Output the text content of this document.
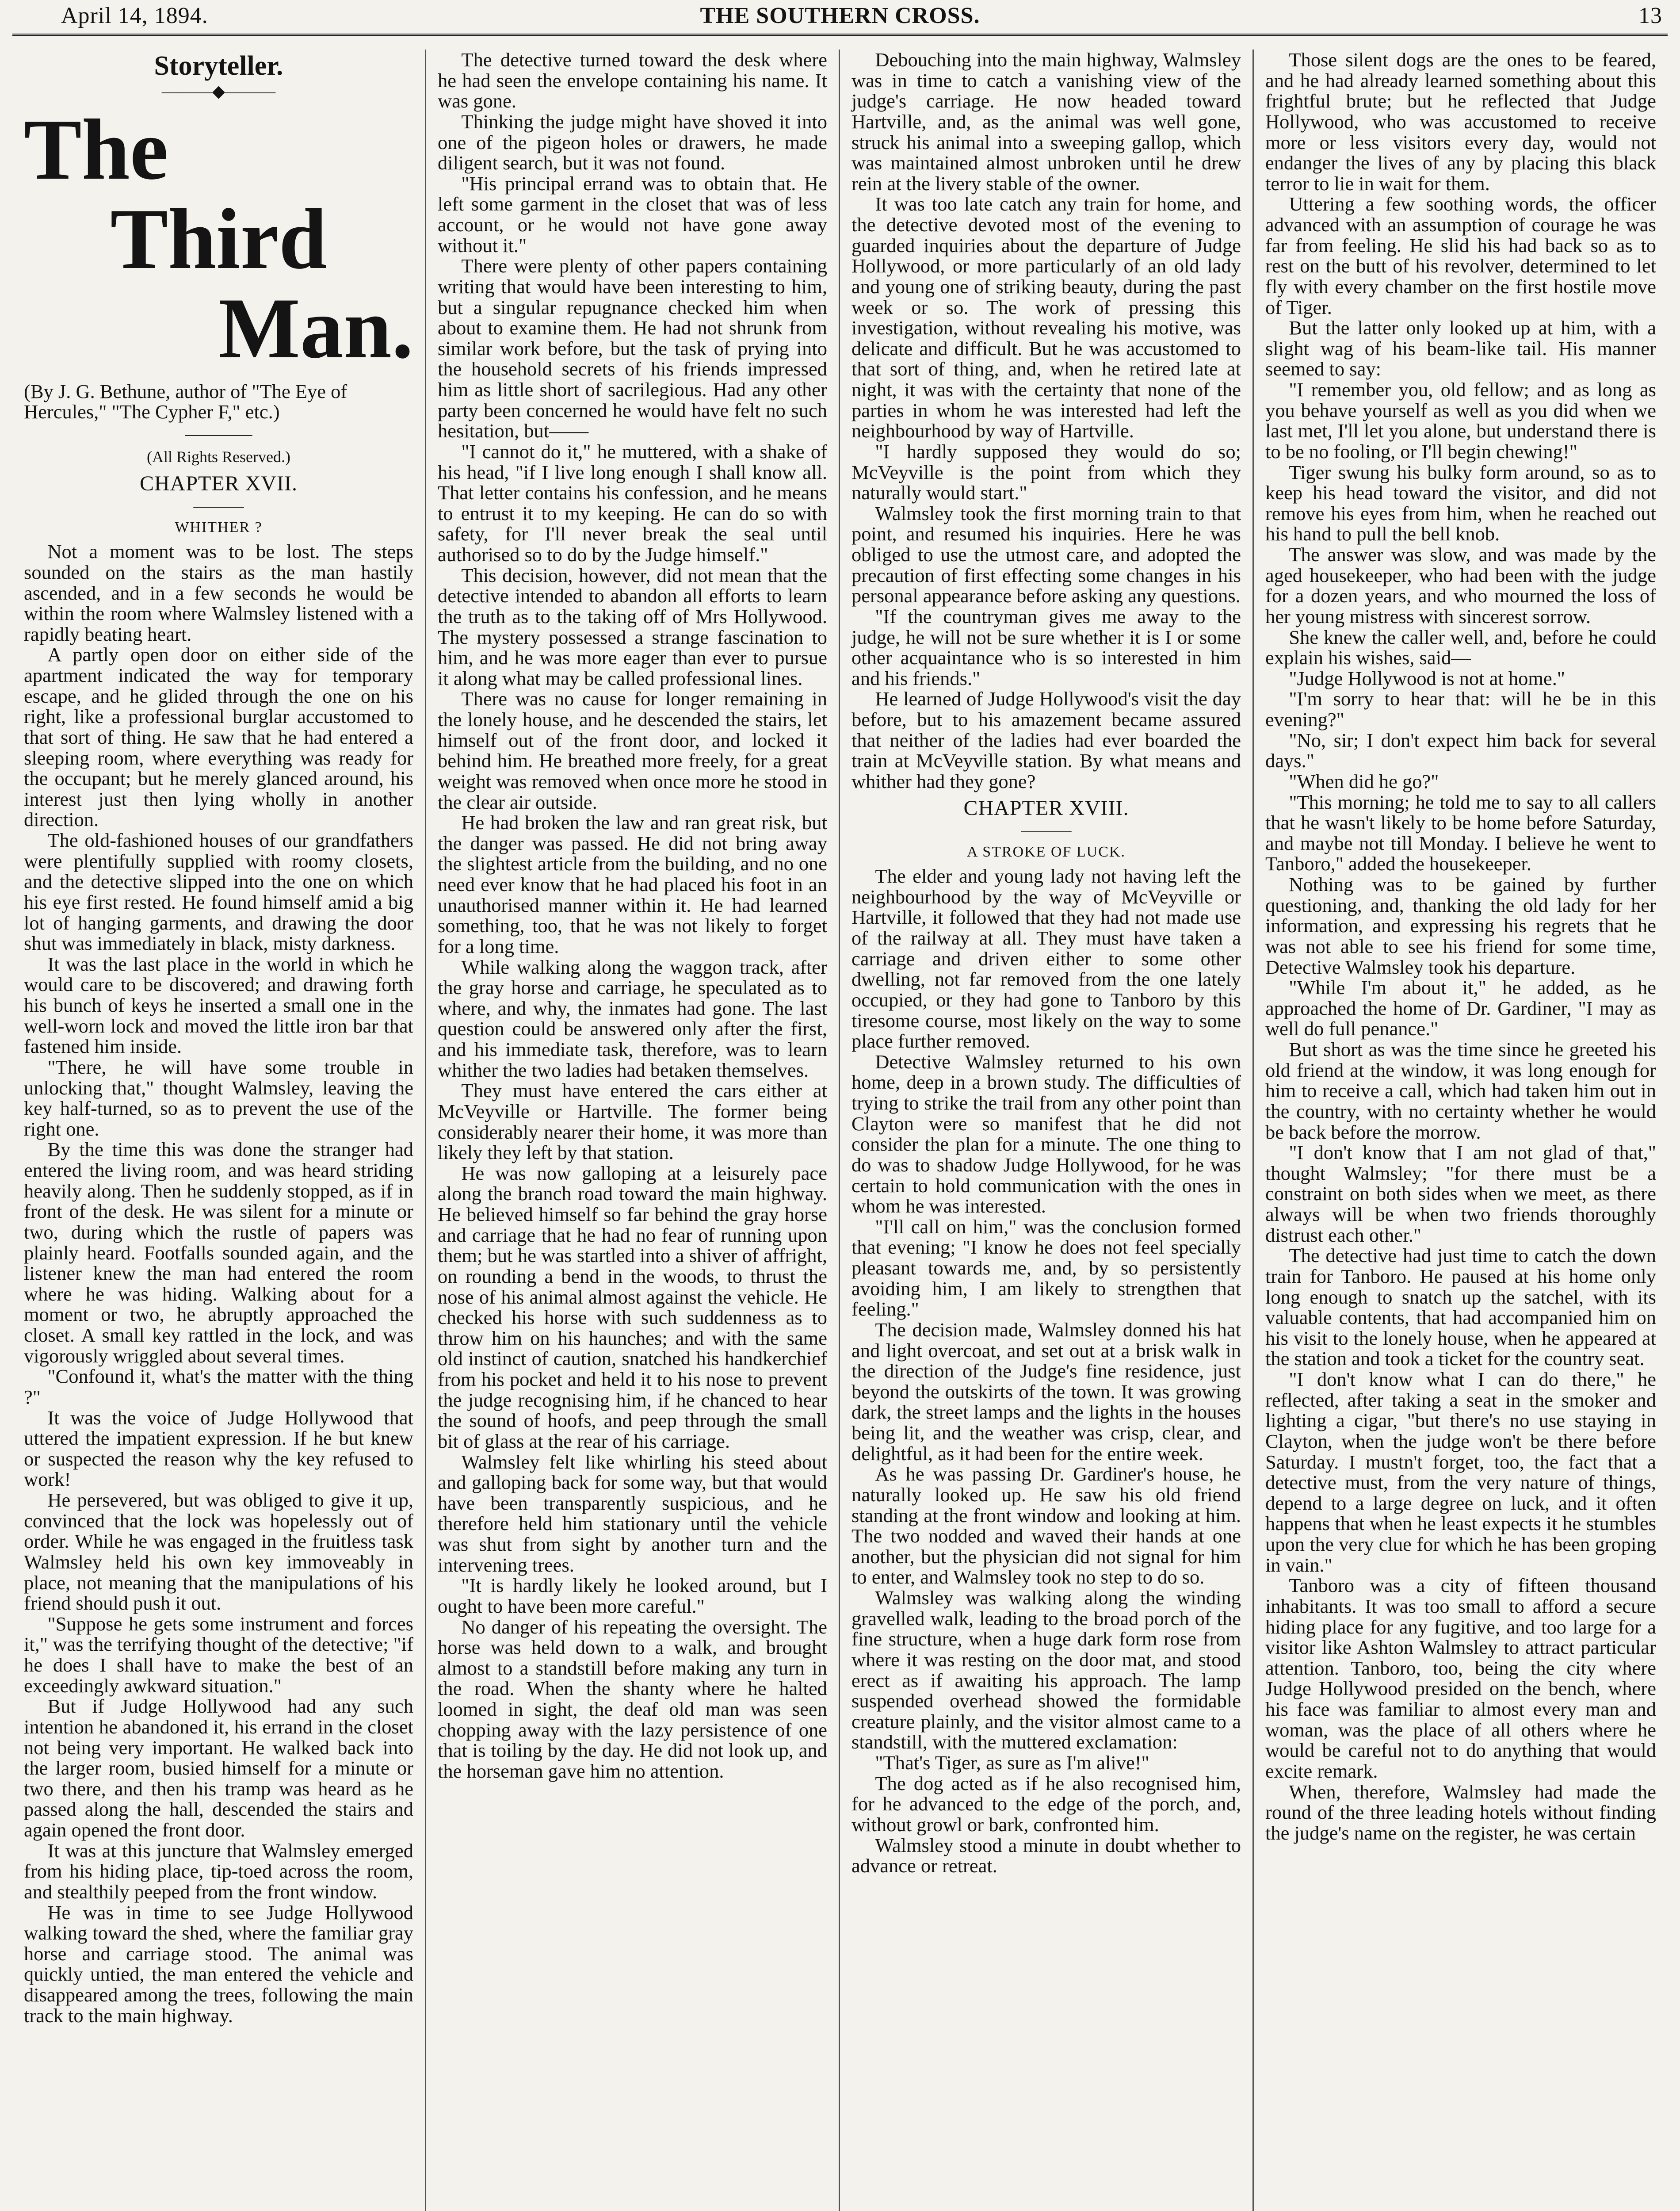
April 14, 1894.	THE SOUTHERN CROSS.	13
Storyteller.
———◆———
The
Third
Man.
(By J. G. Bethune, author of "The Eye of Hercules," "The Cypher F," etc.)
————
(All Rights Reserved.)
CHAPTER XVII.
———
WHITHER ?

Not a moment was to be lost. The steps sounded on the stairs as the man hastily ascended, and in a few seconds he would be within the room where Walmsley listened with a rapidly beating heart.

A partly open door on either side of the apartment indicated the way for temporary escape, and he glided through the one on his right, like a professional burglar accustomed to that sort of thing. He saw that he had entered a sleeping room, where everything was ready for the occupant; but he merely glanced around, his interest just then lying wholly in another direction.

The old-fashioned houses of our grandfathers were plentifully supplied with roomy closets, and the detective slipped into the one on which his eye first rested. He found himself amid a big lot of hanging garments, and drawing the door shut was immediately in black, misty darkness.

It was the last place in the world in which he would care to be discovered; and drawing forth his bunch of keys he inserted a small one in the well-worn lock and moved the little iron bar that fastened him inside.

"There, he will have some trouble in unlocking that," thought Walmsley, leaving the key half-turned, so as to prevent the use of the right one.

By the time this was done the stranger had entered the living room, and was heard striding heavily along. Then he suddenly stopped, as if in front of the desk. He was silent for a minute or two, during which the rustle of papers was plainly heard. Footfalls sounded again, and the listener knew the man had entered the room where he was hiding. Walking about for a moment or two, he abruptly approached the closet. A small key rattled in the lock, and was vigorously wriggled about several times.

"Confound it, what's the matter with the thing ?"

It was the voice of Judge Hollywood that uttered the impatient expression. If he but knew or suspected the reason why the key refused to work!

He persevered, but was obliged to give it up, convinced that the lock was hopelessly out of order. While he was engaged in the fruitless task Walmsley held his own key immoveably in place, not meaning that the manipulations of his friend should push it out.

"Suppose he gets some instrument and forces it," was the terrifying thought of the detective; "if he does I shall have to make the best of an exceedingly awkward situation."

But if Judge Hollywood had any such intention he abandoned it, his errand in the closet not being very important. He walked back into the larger room, busied himself for a minute or two there, and then his tramp was heard as he passed along the hall, descended the stairs and again opened the front door.

It was at this juncture that Walmsley emerged from his hiding place, tip-toed across the room, and stealthily peeped from the front window.

He was in time to see Judge Hollywood walking toward the shed, where the familiar gray horse and carriage stood. The animal was quickly untied, the man entered the vehicle and disappeared among the trees, following the main track to the main highway.

The detective turned toward the desk where he had seen the envelope containing his name. It was gone.

Thinking the judge might have shoved it into one of the pigeon holes or drawers, he made diligent search, but it was not found.

"His principal errand was to obtain that. He left some garment in the closet that was of less account, or he would not have gone away without it."

There were plenty of other papers containing writing that would have been interesting to him, but a singular repugnance checked him when about to examine them. He had not shrunk from similar work before, but the task of prying into the household secrets of his friends impressed him as little short of sacrilegious. Had any other party been concerned he would have felt no such hesitation, but——

"I cannot do it," he muttered, with a shake of his head, "if I live long enough I shall know all. That letter contains his confession, and he means to entrust it to my keeping. He can do so with safety, for I'll never break the seal until authorised so to do by the Judge himself."

This decision, however, did not mean that the detective intended to abandon all efforts to learn the truth as to the taking off of Mrs Hollywood. The mystery possessed a strange fascination to him, and he was more eager than ever to pursue it along what may be called professional lines.

There was no cause for longer remaining in the lonely house, and he descended the stairs, let himself out of the front door, and locked it behind him. He breathed more freely, for a great weight was removed when once more he stood in the clear air outside.

He had broken the law and ran great risk, but the danger was passed. He did not bring away the slightest article from the building, and no one need ever know that he had placed his foot in an unauthorised manner within it. He had learned something, too, that he was not likely to forget for a long time.

While walking along the waggon track, after the gray horse and carriage, he speculated as to where, and why, the inmates had gone. The last question could be answered only after the first, and his immediate task, therefore, was to learn whither the two ladies had betaken themselves.

They must have entered the cars either at McVeyville or Hartville. The former being considerably nearer their home, it was more than likely they left by that station.

He was now galloping at a leisurely pace along the branch road toward the main highway. He believed himself so far behind the gray horse and carriage that he had no fear of running upon them; but he was startled into a shiver of affright, on rounding a bend in the woods, to thrust the nose of his animal almost against the vehicle. He checked his horse with such suddenness as to throw him on his haunches; and with the same old instinct of caution, snatched his handkerchief from his pocket and held it to his nose to prevent the judge recognising him, if he chanced to hear the sound of hoofs, and peep through the small bit of glass at the rear of his carriage.

Walmsley felt like whirling his steed about and galloping back for some way, but that would have been transparently suspicious, and he therefore held him stationary until the vehicle was shut from sight by another turn and the intervening trees.

"It is hardly likely he looked around, but I ought to have been more careful."

No danger of his repeating the oversight. The horse was held down to a walk, and brought almost to a standstill before making any turn in the road. When the shanty where he halted loomed in sight, the deaf old man was seen chopping away with the lazy persistence of one that is toiling by the day. He did not look up, and the horseman gave him no attention.

Debouching into the main highway, Walmsley was in time to catch a vanishing view of the judge's carriage. He now headed toward Hartville, and, as the animal was well gone, struck his animal into a sweeping gallop, which was maintained almost unbroken until he drew rein at the livery stable of the owner.

It was too late catch any train for home, and the detective devoted most of the evening to guarded inquiries about the departure of Judge Hollywood, or more particularly of an old lady and young one of striking beauty, during the past week or so. The work of pressing this investigation, without revealing his motive, was delicate and difficult. But he was accustomed to that sort of thing, and, when he retired late at night, it was with the certainty that none of the parties in whom he was interested had left the neighbourhood by way of Hartville.

"I hardly supposed they would do so; McVeyville is the point from which they naturally would start."

Walmsley took the first morning train to that point, and resumed his inquiries. Here he was obliged to use the utmost care, and adopted the precaution of first effecting some changes in his personal appearance before asking any questions.

"If the countryman gives me away to the judge, he will not be sure whether it is I or some other acquaintance who is so interested in him and his friends."

He learned of Judge Hollywood's visit the day before, but to his amazement became assured that neither of the ladies had ever boarded the train at McVeyville station. By what means and whither had they gone?

CHAPTER XVIII.
———
A STROKE OF LUCK.

The elder and young lady not having left the neighbourhood by the way of McVeyville or Hartville, it followed that they had not made use of the railway at all. They must have taken a carriage and driven either to some other dwelling, not far removed from the one lately occupied, or they had gone to Tanboro by this tiresome course, most likely on the way to some place further removed.

Detective Walmsley returned to his own home, deep in a brown study. The difficulties of trying to strike the trail from any other point than Clayton were so manifest that he did not consider the plan for a minute. The one thing to do was to shadow Judge Hollywood, for he was certain to hold communication with the ones in whom he was interested.

"I'll call on him," was the conclusion formed that evening; "I know he does not feel specially pleasant towards me, and, by so persistently avoiding him, I am likely to strengthen that feeling."

The decision made, Walmsley donned his hat and light overcoat, and set out at a brisk walk in the direction of the Judge's fine residence, just beyond the outskirts of the town. It was growing dark, the street lamps and the lights in the houses being lit, and the weather was crisp, clear, and delightful, as it had been for the entire week.

As he was passing Dr. Gardiner's house, he naturally looked up. He saw his old friend standing at the front window and looking at him. The two nodded and waved their hands at one another, but the physician did not signal for him to enter, and Walmsley took no step to do so.

Walmsley was walking along the winding gravelled walk, leading to the broad porch of the fine structure, when a huge dark form rose from where it was resting on the door mat, and stood erect as if awaiting his approach. The lamp suspended overhead showed the formidable creature plainly, and the visitor almost came to a standstill, with the muttered exclamation:

"That's Tiger, as sure as I'm alive!"

The dog acted as if he also recognised him, for he advanced to the edge of the porch, and, without growl or bark, confronted him.

Walmsley stood a minute in doubt whether to advance or retreat.

Those silent dogs are the ones to be feared, and he had already learned something about this frightful brute; but he reflected that Judge Hollywood, who was accustomed to receive more or less visitors every day, would not endanger the lives of any by placing this black terror to lie in wait for them.

Uttering a few soothing words, the officer advanced with an assumption of courage he was far from feeling. He slid his had back so as to rest on the butt of his revolver, determined to let fly with every chamber on the first hostile move of Tiger.

But the latter only looked up at him, with a slight wag of his beam-like tail. His manner seemed to say:

"I remember you, old fellow; and as long as you behave yourself as well as you did when we last met, I'll let you alone, but understand there is to be no fooling, or I'll begin chewing!"

Tiger swung his bulky form around, so as to keep his head toward the visitor, and did not remove his eyes from him, when he reached out his hand to pull the bell knob.

The answer was slow, and was made by the aged housekeeper, who had been with the judge for a dozen years, and who mourned the loss of her young mistress with sincerest sorrow.

She knew the caller well, and, before he could explain his wishes, said—

"Judge Hollywood is not at home."

"I'm sorry to hear that: will he be in this evening?"

"No, sir; I don't expect him back for several days."

"When did he go?"

"This morning; he told me to say to all callers that he wasn't likely to be home before Saturday, and maybe not till Monday. I believe he went to Tanboro," added the housekeeper.

Nothing was to be gained by further questioning, and, thanking the old lady for her information, and expressing his regrets that he was not able to see his friend for some time, Detective Walmsley took his departure.

"While I'm about it," he added, as he approached the home of Dr. Gardiner, "I may as well do full penance."

But short as was the time since he greeted his old friend at the window, it was long enough for him to receive a call, which had taken him out in the country, with no certainty whether he would be back before the morrow.

"I don't know that I am not glad of that," thought Walmsley; "for there must be a constraint on both sides when we meet, as there always will be when two friends thoroughly distrust each other."

The detective had just time to catch the down train for Tanboro. He paused at his home only long enough to snatch up the satchel, with its valuable contents, that had accompanied him on his visit to the lonely house, when he appeared at the station and took a ticket for the country seat.

"I don't know what I can do there," he reflected, after taking a seat in the smoker and lighting a cigar, "but there's no use staying in Clayton, when the judge won't be there before Saturday. I mustn't forget, too, the fact that a detective must, from the very nature of things, depend to a large degree on luck, and it often happens that when he least expects it he stumbles upon the very clue for which he has been groping in vain."

Tanboro was a city of fifteen thousand inhabitants. It was too small to afford a secure hiding place for any fugitive, and too large for a visitor like Ashton Walmsley to attract particular attention. Tanboro, too, being the city where Judge Hollywood presided on the bench, where his face was familiar to almost every man and woman, was the place of all others where he would be careful not to do anything that would excite remark.

When, therefore, Walmsley had made the round of the three leading hotels without finding the judge's name on the register, he was certain
